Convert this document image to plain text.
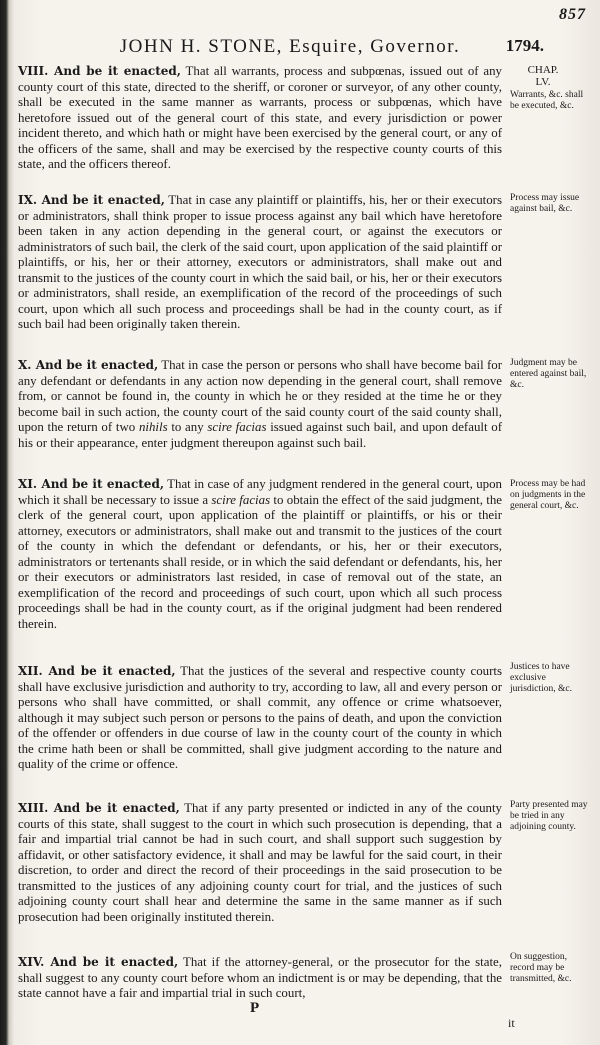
857
JOHN H. STONE, Esquire, Governor.	1794.
CHAP.
LV.
VIII. And be it enacted, That all warrants, process and subpœnas, issued out of any county court of this state, directed to the sheriff, or coroner or surveyor, of any other county, shall be executed in the same manner as warrants, process or subpœnas, which have heretofore issued out of the general court of this state, and every jurisdiction or power incident thereto, and which hath or might have been exercised by the general court, or any of the officers of the same, shall and may be exercised by the respective county courts of this state, and the officers thereof.
Warrants, &c. shall be executed, &c.
IX. And be it enacted, That in case any plaintiff or plaintiffs, his, her or their executors or administrators, shall think proper to issue process against any bail which have heretofore been taken in any action depending in the general court, or against the executors or administrators of such bail, the clerk of the said court, upon application of the said plaintiff or plaintiffs, or his, her or their attorney, executors or administrators, shall make out and transmit to the justices of the county court in which the said bail, or his, her or their executors or administrators, shall reside, an exemplification of the record of the proceedings of such court, upon which all such process and proceedings shall be had in the county court, as if such bail had been originally taken therein.
Process may issue against bail, &c.
X. And be it enacted, That in case the person or persons who shall have become bail for any defendant or defendants in any action now depending in the general court, shall remove from, or cannot be found in, the county in which he or they resided at the time he or they become bail in such action, the county court of the said county court of the said county shall, upon the return of two nihils to any scire facias issued against such bail, and upon default of his or their appearance, enter judgment thereupon against such bail.
Judgment may be entered against bail, &c.
XI. And be it enacted, That in case of any judgment rendered in the general court, upon which it shall be necessary to issue a scire facias to obtain the effect of the said judgment, the clerk of the general court, upon application of the plaintiff or plaintiffs, or his or their attorney, executors or administrators, shall make out and transmit to the justices of the court of the county in which the defendant or defendants, or his, her or their executors, administrators or tertenants shall reside, or in which the said defendant or defendants, his, her or their executors or administrators last resided, in case of removal out of the state, an exemplification of the record and proceedings of such court, upon which all such process proceedings shall be had in the county court, as if the original judgment had been rendered therein.
Process may be had on judgments in the general court, &c.
XII. And be it enacted, That the justices of the several and respective county courts shall have exclusive jurisdiction and authority to try, according to law, all and every person or persons who shall have committed, or shall commit, any offence or crime whatsoever, although it may subject such person or persons to the pains of death, and upon the conviction of the offender or offenders in due course of law in the county court of the county in which the crime hath been or shall be committed, shall give judgment according to the nature and quality of the crime or offence.
Justices to have exclusive jurisdiction, &c.
XIII. And be it enacted, That if any party presented or indicted in any of the county courts of this state, shall suggest to the court in which such prosecution is depending, that a fair and impartial trial cannot be had in such court, and shall support such suggestion by affidavit, or other satisfactory evidence, it shall and may be lawful for the said court, in their discretion, to order and direct the record of their proceedings in the said prosecution to be transmitted to the justices of any adjoining county court for trial, and the justices of such adjoining county court shall hear and determine the same in the same manner as if such prosecution had been originally instituted therein.
Party presented may be tried in any adjoining county.
XIV. And be it enacted, That if the attorney-general, or the prosecutor for the state, shall suggest to any county court before whom an indictment is or may be depending, that the state cannot have a fair and impartial trial in such court,
On suggestion, record may be transmitted, &c.
P
it
